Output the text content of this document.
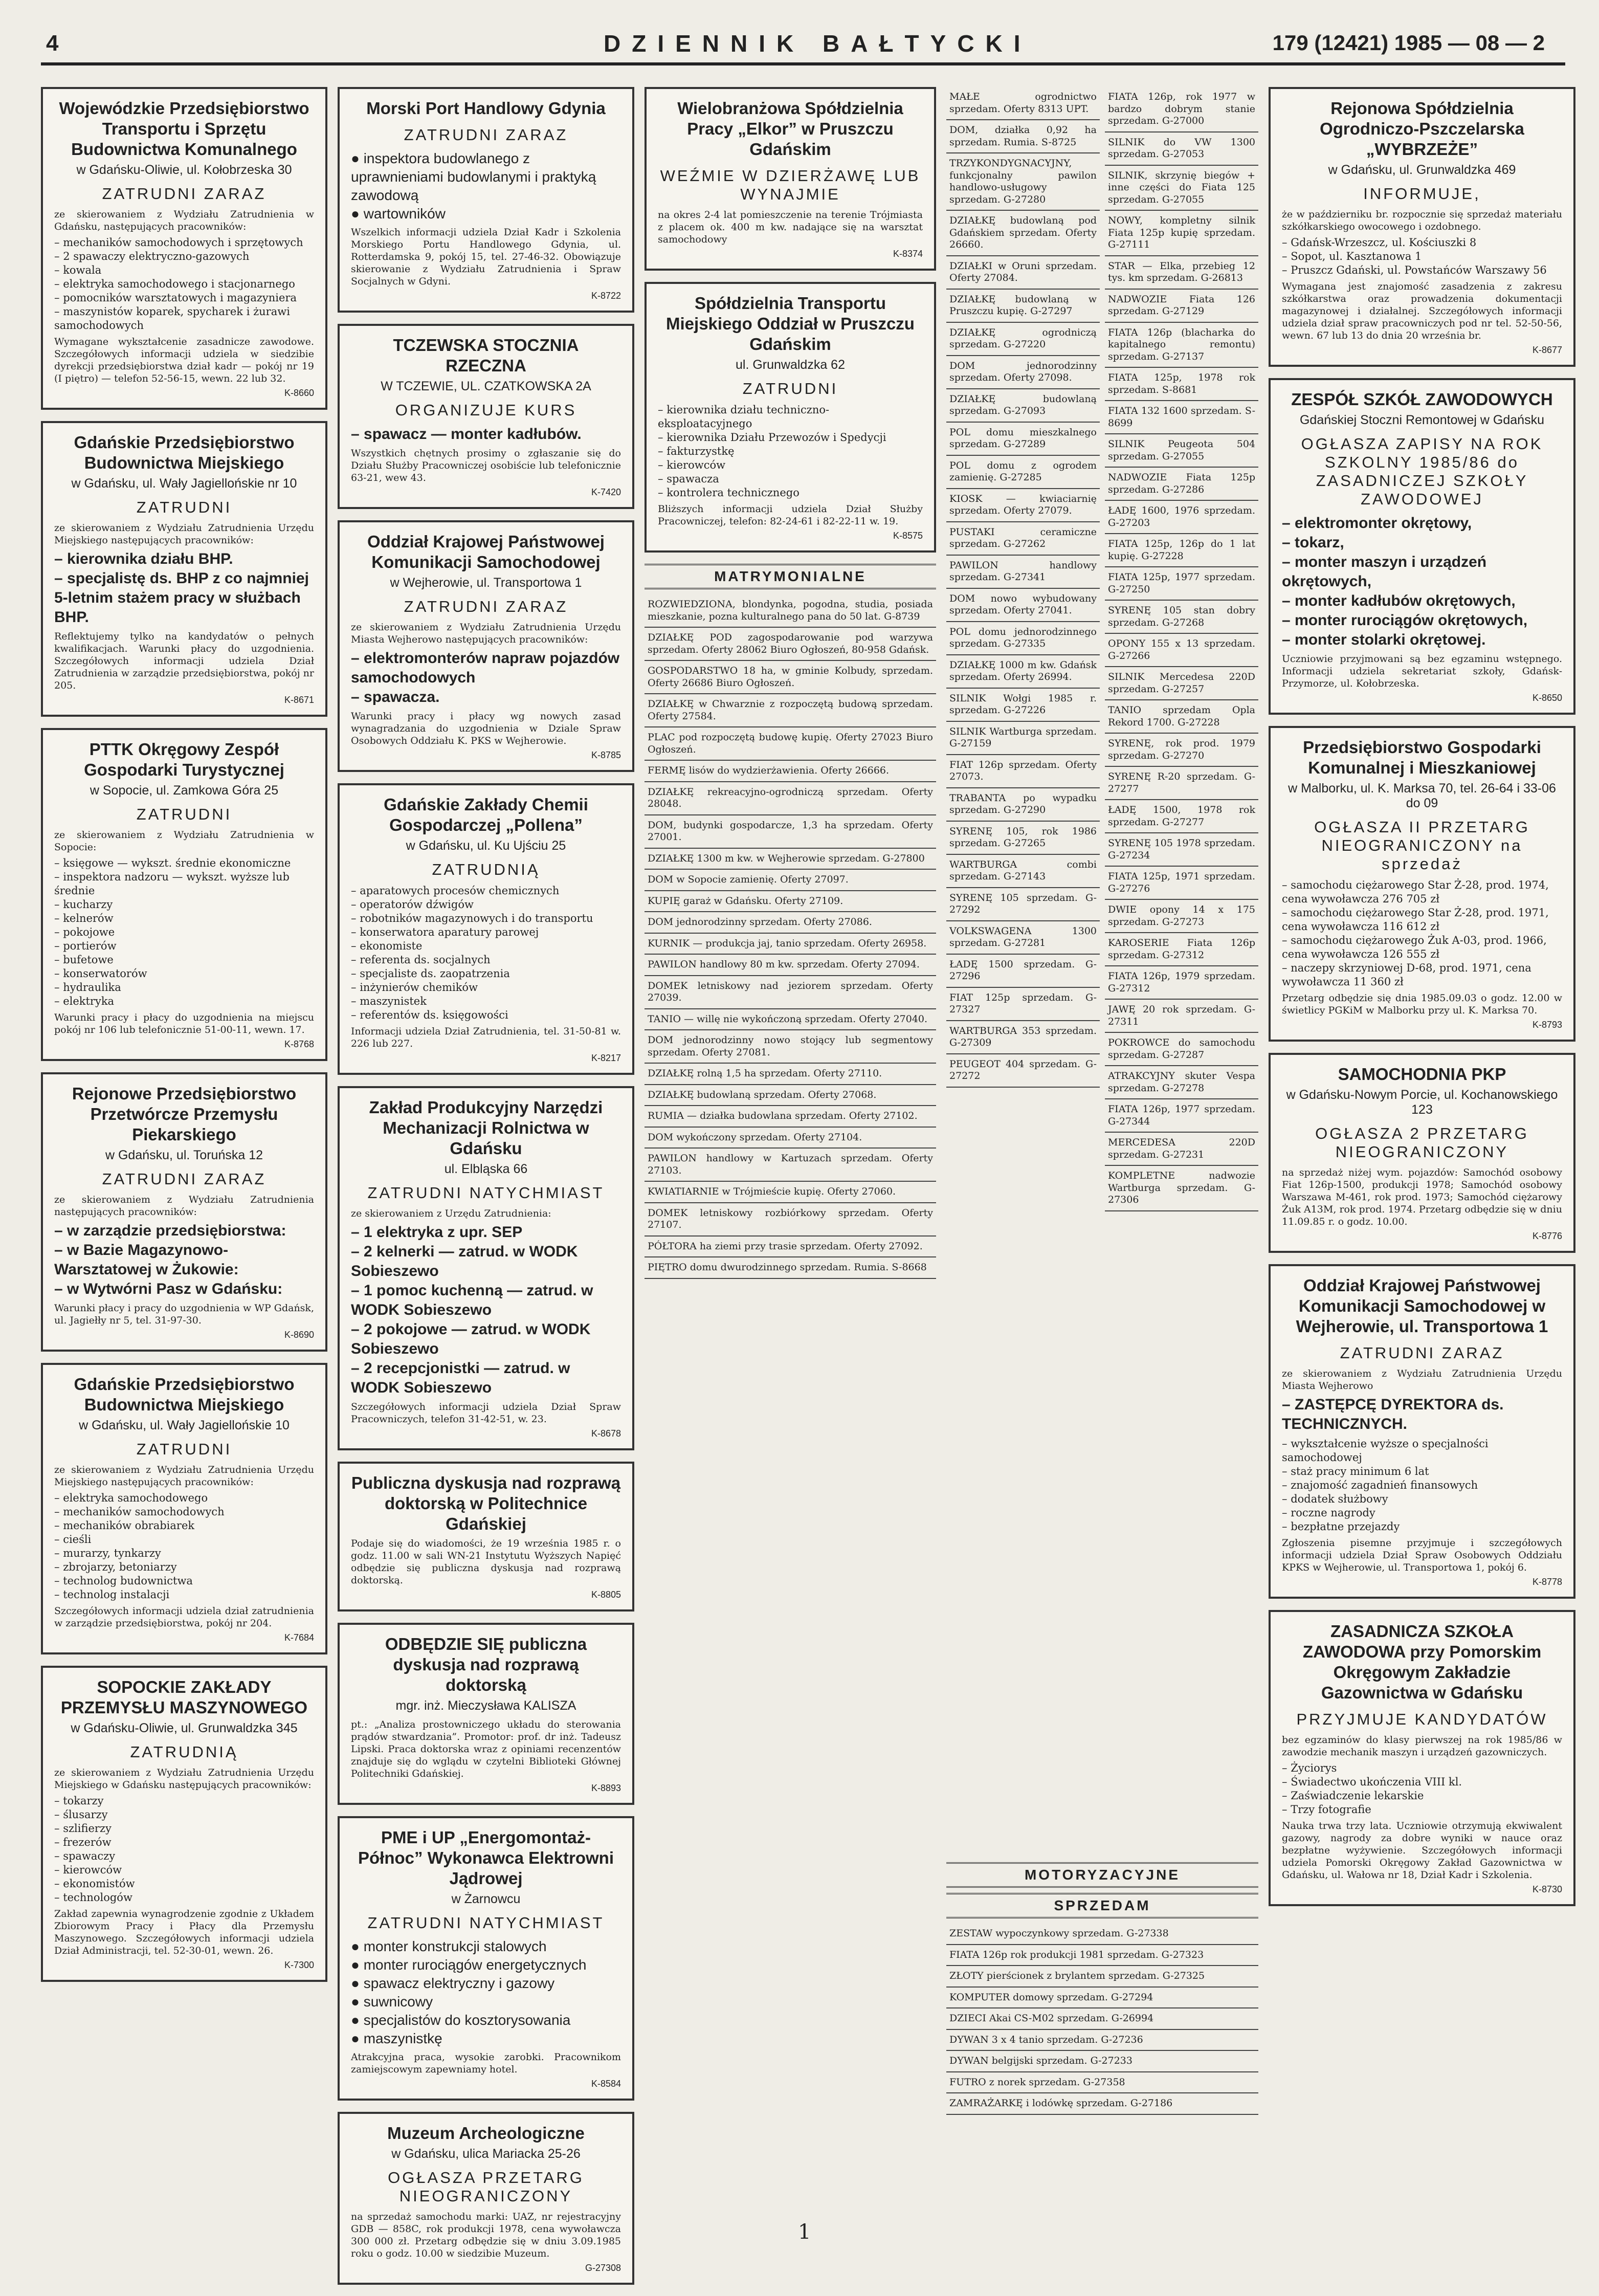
4	DZIENNIK BAŁTYCKI	179 (12421) 1985 — 08 — 2
Wojewódzkie Przedsiębiorstwo Transportu i Sprzętu Budownictwa Komunalnego
w Gdańsku-Oliwie, ul. Kołobrzeska 30
ZATRUDNI ZARAZ

ze skierowaniem z Wydziału Zatrudnienia w Gdańsku, następujących pracowników:

– mechaników samochodowych i sprzętowych
– 2 spawaczy elektryczno-gazowych
– kowala
– elektryka samochodowego i stacjonarnego
– pomocników warsztatowych i magazyniera
– maszynistów koparek, spycharek i żurawi samochodowych

Wymagane wykształcenie zasadnicze zawodowe. Szczegółowych informacji udziela w siedzibie dyrekcji przedsiębiorstwa dział kadr — pokój nr 19 (I piętro) — telefon 52-56-15, wewn. 22 lub 32.

K-8660
Gdańskie Przedsiębiorstwo Budownictwa Miejskiego
w Gdańsku, ul. Wały Jagiellońskie nr 10
ZATRUDNI

ze skierowaniem z Wydziału Zatrudnienia Urzędu Miejskiego następujących pracowników:

– kierownika działu BHP.
– specjalistę ds. BHP z co najmniej 5-letnim stażem pracy w służbach BHP.

Reflektujemy tylko na kandydatów o pełnych kwalifikacjach. Warunki płacy do uzgodnienia. Szczegółowych informacji udziela Dział Zatrudnienia w zarządzie przedsiębiorstwa, pokój nr 205.

K-8671
PTTK Okręgowy Zespół Gospodarki Turystycznej
w Sopocie, ul. Zamkowa Góra 25
ZATRUDNI

ze skierowaniem z Wydziału Zatrudnienia w Sopocie:

– księgowe — wykszt. średnie ekonomiczne
– inspektora nadzoru — wykszt. wyższe lub średnie
– kucharzy
– kelnerów
– pokojowe
– portierów
– bufetowe
– konserwatorów
– hydraulika
– elektryka

Warunki pracy i płacy do uzgodnienia na miejscu pokój nr 106 lub telefonicznie 51-00-11, wewn. 17.

K-8768
Rejonowe Przedsiębiorstwo Przetwórcze Przemysłu Piekarskiego
w Gdańsku, ul. Toruńska 12
ZATRUDNI ZARAZ

ze skierowaniem z Wydziału Zatrudnienia następujących pracowników:

– w zarządzie przedsiębiorstwa:
– w Bazie Magazynowo-Warsztatowej w Żukowie:
– w Wytwórni Pasz w Gdańsku:

Warunki płacy i pracy do uzgodnienia w WP Gdańsk, ul. Jagiełły nr 5, tel. 31-97-30.

K-8690
Gdańskie Przedsiębiorstwo Budownictwa Miejskiego
w Gdańsku, ul. Wały Jagiellońskie 10
ZATRUDNI

ze skierowaniem z Wydziału Zatrudnienia Urzędu Miejskiego następujących pracowników:

– elektryka samochodowego
– mechaników samochodowych
– mechaników obrabiarek
– cieśli
– murarzy, tynkarzy
– zbrojarzy, betoniarzy
– technolog budownictwa
– technolog instalacji

Szczegółowych informacji udziela dział zatrudnienia w zarządzie przedsiębiorstwa, pokój nr 204.

K-7684
SOPOCKIE ZAKŁADY PRZEMYSŁU MASZYNOWEGO
w Gdańsku-Oliwie, ul. Grunwaldzka 345
ZATRUDNIĄ

ze skierowaniem z Wydziału Zatrudnienia Urzędu Miejskiego w Gdańsku następujących pracowników:

– tokarzy
– ślusarzy
– szlifierzy
– frezerów
– spawaczy
– kierowców
– ekonomistów
– technologów

Zakład zapewnia wynagrodzenie zgodnie z Układem Zbiorowym Pracy i Płacy dla Przemysłu Maszynowego. Szczegółowych informacji udziela Dział Administracji, tel. 52-30-01, wewn. 26.

K-7300
Morski Port Handlowy Gdynia
ZATRUDNI ZARAZ
● inspektora budowlanego z uprawnieniami budowlanymi i praktyką zawodową
● wartowników

Wszelkich informacji udziela Dział Kadr i Szkolenia Morskiego Portu Handlowego Gdynia, ul. Rotterdamska 9, pokój 15, tel. 27-46-32. Obowiązuje skierowanie z Wydziału Zatrudnienia i Spraw Socjalnych w Gdyni.

K-8722
TCZEWSKA STOCZNIA RZECZNA
W TCZEWIE, UL. CZATKOWSKA 2A
ORGANIZUJE KURS
– spawacz — monter kadłubów.

Wszystkich chętnych prosimy o zgłaszanie się do Działu Służby Pracowniczej osobiście lub telefonicznie 63-21, wew 43.

K-7420
Oddział Krajowej Państwowej Komunikacji Samochodowej
w Wejherowie, ul. Transportowa 1
ZATRUDNI ZARAZ

ze skierowaniem z Wydziału Zatrudnienia Urzędu Miasta Wejherowo następujących pracowników:

– elektromonterów napraw pojazdów samochodowych
– spawacza.

Warunki pracy i płacy wg nowych zasad wynagradzania do uzgodnienia w Dziale Spraw Osobowych Oddziału K. PKS w Wejherowie.

K-8785
Gdańskie Zakłady Chemii Gospodarczej „Pollena”
w Gdańsku, ul. Ku Ujściu 25
ZATRUDNIĄ
– aparatowych procesów chemicznych
– operatorów dźwigów
– robotników magazynowych i do transportu
– konserwatora aparatury parowej
– ekonomiste
– referenta ds. socjalnych
– specjaliste ds. zaopatrzenia
– inżynierów chemików
– maszynistek
– referentów ds. księgowości

Informacji udziela Dział Zatrudnienia, tel. 31-50-81 w. 226 lub 227.

K-8217
Zakład Produkcyjny Narzędzi Mechanizacji Rolnictwa w Gdańsku
ul. Elbląska 66
ZATRUDNI NATYCHMIAST

ze skierowaniem z Urzędu Zatrudnienia:

– 1 elektryka z upr. SEP
– 2 kelnerki — zatrud. w WODK Sobieszewo
– 1 pomoc kuchenną — zatrud. w WODK Sobieszewo
– 2 pokojowe — zatrud. w WODK Sobieszewo
– 2 recepcjonistki — zatrud. w WODK Sobieszewo

Szczegółowych informacji udziela Dział Spraw Pracowniczych, telefon 31-42-51, w. 23.

K-8678
Publiczna dyskusja nad rozprawą doktorską w Politechnice Gdańskiej

Podaje się do wiadomości, że 19 września 1985 r. o godz. 11.00 w sali WN-21 Instytutu Wyższych Napięć odbędzie się publiczna dyskusja nad rozprawą doktorską.

K-8805
ODBĘDZIE SIĘ publiczna dyskusja nad rozprawą doktorską
mgr. inż. Mieczysława KALISZA

pt.: „Analiza prostowniczego układu do sterowania prądów stwardzania”. Promotor: prof. dr inż. Tadeusz Lipski. Praca doktorska wraz z opiniami recenzentów znajduje się do wglądu w czytelni Biblioteki Głównej Politechniki Gdańskiej.

K-8893
PME i UP „Energomontaż-Północ” Wykonawca Elektrowni Jądrowej
w Żarnowcu
ZATRUDNI NATYCHMIAST
● monter konstrukcji stalowych
● monter rurociągów energetycznych
● spawacz elektryczny i gazowy
● suwnicowy
● specjalistów do kosztorysowania
● maszynistkę

Atrakcyjna praca, wysokie zarobki. Pracownikom zamiejscowym zapewniamy hotel.

K-8584
Muzeum Archeologiczne
w Gdańsku, ulica Mariacka 25-26
OGŁASZA PRZETARG NIEOGRANICZONY

na sprzedaż samochodu marki: UAZ, nr rejestracyjny GDB — 858C, rok produkcji 1978, cena wywoławcza 300 000 zł. Przetarg odbędzie się w dniu 3.09.1985 roku o godz. 10.00 w siedzibie Muzeum.

G-27308
Wielobranżowa Spółdzielnia Pracy „Elkor” w Pruszczu Gdańskim
WEŹMIE W DZIERŻAWĘ LUB WYNAJMIE

na okres 2-4 lat pomieszczenie na terenie Trójmiasta z placem ok. 400 m kw. nadające się na warsztat samochodowy

K-8374
Spółdzielnia Transportu Miejskiego Oddział w Pruszczu Gdańskim
ul. Grunwaldzka 62
ZATRUDNI
– kierownika działu techniczno-eksploatacyjnego
– kierownika Działu Przewozów i Spedycji
– fakturzystkę
– kierowców
– spawacza
– kontrolera technicznego

Bliższych informacji udziela Dział Służby Pracowniczej, telefon: 82-24-61 i 82-22-11 w. 19.

K-8575
MATRYMONIALNE

ROZWIEDZIONA, blondynka, pogodna, studia, posiada mieszkanie, pozna kulturalnego pana do 50 lat. G-8739

DZIAŁKĘ POD zagospodarowanie pod warzywa sprzedam. Oferty 28062 Biuro Ogłoszeń, 80-958 Gdańsk.

GOSPODARSTWO 18 ha, w gminie Kolbudy, sprzedam. Oferty 26686 Biuro Ogłoszeń.

DZIAŁKĘ w Chwarznie z rozpoczętą budową sprzedam. Oferty 27584.

PLAC pod rozpoczętą budowę kupię. Oferty 27023 Biuro Ogłoszeń.

FERMĘ lisów do wydzierżawienia. Oferty 26666.

DZIAŁKĘ rekreacyjno-ogrodniczą sprzedam. Oferty 28048.

DOM, budynki gospodarcze, 1,3 ha sprzedam. Oferty 27001.

DZIAŁKĘ 1300 m kw. w Wejherowie sprzedam. G-27800

DOM w Sopocie zamienię. Oferty 27097.

KUPIĘ garaż w Gdańsku. Oferty 27109.

DOM jednorodzinny sprzedam. Oferty 27086.

KURNIK — produkcja jaj, tanio sprzedam. Oferty 26958.

PAWILON handlowy 80 m kw. sprzedam. Oferty 27094.

DOMEK letniskowy nad jeziorem sprzedam. Oferty 27039.

TANIO — willę nie wykończoną sprzedam. Oferty 27040.

DOM jednorodzinny nowo stojący lub segmentowy sprzedam. Oferty 27081.

DZIAŁKĘ rolną 1,5 ha sprzedam. Oferty 27110.

DZIAŁKĘ budowlaną sprzedam. Oferty 27068.

RUMIA — działka budowlana sprzedam. Oferty 27102.

DOM wykończony sprzedam. Oferty 27104.

PAWILON handlowy w Kartuzach sprzedam. Oferty 27103.

KWIATIARNIE w Trójmieście kupię. Oferty 27060.

DOMEK letniskowy rozbiórkowy sprzedam. Oferty 27107.

PÓŁTORA ha ziemi przy trasie sprzedam. Oferty 27092.

PIĘTRO domu dwurodzinnego sprzedam. Rumia. S-8668

MAŁE ogrodnictwo sprzedam. Oferty 8313 UPT.

DOM, działka 0,92 ha sprzedam. Rumia. S-8725

TRZYKONDYGNACYJNY, funkcjonalny pawilon handlowo-usługowy sprzedam. G-27280

DZIAŁKĘ budowlaną pod Gdańskiem sprzedam. Oferty 26660.

DZIAŁKI w Oruni sprzedam. Oferty 27084.

DZIAŁKĘ budowlaną w Pruszczu kupię. G-27297

DZIAŁKĘ ogrodniczą sprzedam. G-27220

DOM jednorodzinny sprzedam. Oferty 27098.

DZIAŁKĘ budowlaną sprzedam. G-27093

POL domu mieszkalnego sprzedam. G-27289

POL domu z ogrodem zamienię. G-27285

KIOSK — kwiaciarnię sprzedam. Oferty 27079.

PUSTAKI ceramiczne sprzedam. G-27262

PAWILON handlowy sprzedam. G-27341

DOM nowo wybudowany sprzedam. Oferty 27041.

POL domu jednorodzinnego sprzedam. G-27335

DZIAŁKĘ 1000 m kw. Gdańsk sprzedam. Oferty 26994.

SILNIK Wołgi 1985 r. sprzedam. G-27226

SILNIK Wartburga sprzedam. G-27159

FIAT 126p sprzedam. Oferty 27073.

TRABANTA po wypadku sprzedam. G-27290

SYRENĘ 105, rok 1986 sprzedam. G-27265

WARTBURGA combi sprzedam. G-27143

SYRENĘ 105 sprzedam. G-27292

VOLKSWAGENA 1300 sprzedam. G-27281

ŁADĘ 1500 sprzedam. G-27296

FIAT 125p sprzedam. G-27327

WARTBURGA 353 sprzedam. G-27309

PEUGEOT 404 sprzedam. G-27272

FIATA 126p, rok 1977 w bardzo dobrym stanie sprzedam. G-27000

SILNIK do VW 1300 sprzedam. G-27053

SILNIK, skrzynię biegów + inne części do Fiata 125 sprzedam. G-27055

NOWY, kompletny silnik Fiata 125p kupię sprzedam. G-27111

STAR — Elka, przebieg 12 tys. km sprzedam. G-26813

NADWOZIE Fiata 126 sprzedam. G-27129

FIATA 126p (blacharka do kapitalnego remontu) sprzedam. G-27137

FIATA 125p, 1978 rok sprzedam. S-8681

FIATA 132 1600 sprzedam. S-8699

SILNIK Peugeota 504 sprzedam. G-27055

NADWOZIE Fiata 125p sprzedam. G-27286

ŁADĘ 1600, 1976 sprzedam. G-27203

FIATA 125p, 126p do 1 lat kupię. G-27228

FIATA 125p, 1977 sprzedam. G-27250

SYRENĘ 105 stan dobry sprzedam. G-27268

OPONY 155 x 13 sprzedam. G-27266

SILNIK Mercedesa 220D sprzedam. G-27257

TANIO sprzedam Opla Rekord 1700. G-27228

SYRENĘ, rok prod. 1979 sprzedam. G-27270

SYRENĘ R-20 sprzedam. G-27277

ŁADĘ 1500, 1978 rok sprzedam. G-27277

SYRENĘ 105 1978 sprzedam. G-27234

FIATA 125p, 1971 sprzedam. G-27276

DWIE opony 14 x 175 sprzedam. G-27273

KAROSERIE Fiata 126p sprzedam. G-27312

FIATA 126p, 1979 sprzedam. G-27312

JAWĘ 20 rok sprzedam. G-27311

POKROWCE do samochodu sprzedam. G-27287

ATRAKCYJNY skuter Vespa sprzedam. G-27278

FIATA 126p, 1977 sprzedam. G-27344

MERCEDESA 220D sprzedam. G-27231

KOMPLETNE nadwozie Wartburga sprzedam. G-27306

MOTORYZACYJNE
SPRZEDAM

ZESTAW wypoczynkowy sprzedam. G-27338

FIATA 126p rok produkcji 1981 sprzedam. G-27323

ZŁOTY pierścionek z brylantem sprzedam. G-27325

KOMPUTER domowy sprzedam. G-27294

DZIECI Akai CS-M02 sprzedam. G-26994

DYWAN 3 x 4 tanio sprzedam. G-27236

DYWAN belgijski sprzedam. G-27233

FUTRO z norek sprzedam. G-27358

ZAMRAŻARKĘ i lodówkę sprzedam. G-27186

Rejonowa Spółdzielnia Ogrodniczo-Pszczelarska „WYBRZEŻE”
w Gdańsku, ul. Grunwaldzka 469
INFORMUJE,

że w październiku br. rozpocznie się sprzedaż materiału szkółkarskiego owocowego i ozdobnego.

– Gdańsk-Wrzeszcz, ul. Kościuszki 8
– Sopot, ul. Kasztanowa 1
– Pruszcz Gdański, ul. Powstańców Warszawy 56

Wymagana jest znajomość zasadzenia z zakresu szkółkarstwa oraz prowadzenia dokumentacji magazynowej i działalnej. Szczegółowych informacji udziela dział spraw pracowniczych pod nr tel. 52-50-56, wewn. 67 lub 13 do dnia 20 września br.

K-8677
ZESPÓŁ SZKÓŁ ZAWODOWYCH
Gdańskiej Stoczni Remontowej w Gdańsku
OGŁASZA ZAPISY NA ROK SZKOLNY 1985/86 do ZASADNICZEJ SZKOŁY ZAWODOWEJ
– elektromonter okrętowy,
– tokarz,
– monter maszyn i urządzeń okrętowych,
– monter kadłubów okrętowych,
– monter rurociągów okrętowych,
– monter stolarki okrętowej.

Uczniowie przyjmowani są bez egzaminu wstępnego. Informacji udziela sekretariat szkoły, Gdańsk-Przymorze, ul. Kołobrzeska.

K-8650
Przedsiębiorstwo Gospodarki Komunalnej i Mieszkaniowej
w Malborku, ul. K. Marksa 70, tel. 26-64 i 33-06 do 09
OGŁASZA II PRZETARG NIEOGRANICZONY na sprzedaż
– samochodu ciężarowego Star Ż-28, prod. 1974, cena wywoławcza 276 705 zł
– samochodu ciężarowego Star Ż-28, prod. 1971, cena wywoławcza 116 612 zł
– samochodu ciężarowego Żuk A-03, prod. 1966, cena wywoławcza 126 555 zł
– naczepy skrzyniowej D-68, prod. 1971, cena wywoławcza 11 360 zł

Przetarg odbędzie się dnia 1985.09.03 o godz. 12.00 w świetlicy PGKiM w Malborku przy ul. K. Marksa 70.

K-8793
SAMOCHODNIA PKP
w Gdańsku-Nowym Porcie, ul. Kochanowskiego 123
OGŁASZA 2 PRZETARG NIEOGRANICZONY

na sprzedaż niżej wym. pojazdów: Samochód osobowy Fiat 126p-1500, produkcji 1978; Samochód osobowy Warszawa M-461, rok prod. 1973; Samochód ciężarowy Żuk A13M, rok prod. 1974. Przetarg odbędzie się w dniu 11.09.85 r. o godz. 10.00.

K-8776
Oddział Krajowej Państwowej Komunikacji Samochodowej w Wejherowie, ul. Transportowa 1
ZATRUDNI ZARAZ

ze skierowaniem z Wydziału Zatrudnienia Urzędu Miasta Wejherowo

– ZASTĘPCĘ DYREKTORA ds. TECHNICZNYCH.
– wykształcenie wyższe o specjalności samochodowej
– staż pracy minimum 6 lat
– znajomość zagadnień finansowych
– dodatek służbowy
– roczne nagrody
– bezpłatne przejazdy

Zgłoszenia pisemne przyjmuje i szczegółowych informacji udziela Dział Spraw Osobowych Oddziału KPKS w Wejherowie, ul. Transportowa 1, pokój 6.

K-8778
ZASADNICZA SZKOŁA ZAWODOWA przy Pomorskim Okręgowym Zakładzie Gazownictwa w Gdańsku
PRZYJMUJE KANDYDATÓW

bez egzaminów do klasy pierwszej na rok 1985/86 w zawodzie mechanik maszyn i urządzeń gazowniczych.

– Życiorys
– Świadectwo ukończenia VIII kl.
– Zaświadczenie lekarskie
– Trzy fotografie

Nauka trwa trzy lata. Uczniowie otrzymują ekwiwalent gazowy, nagrody za dobre wyniki w nauce oraz bezpłatne wyżywienie. Szczegółowych informacji udziela Pomorski Okręgowy Zakład Gazownictwa w Gdańsku, ul. Wałowa nr 18, Dział Kadr i Szkolenia.

K-8730
1
